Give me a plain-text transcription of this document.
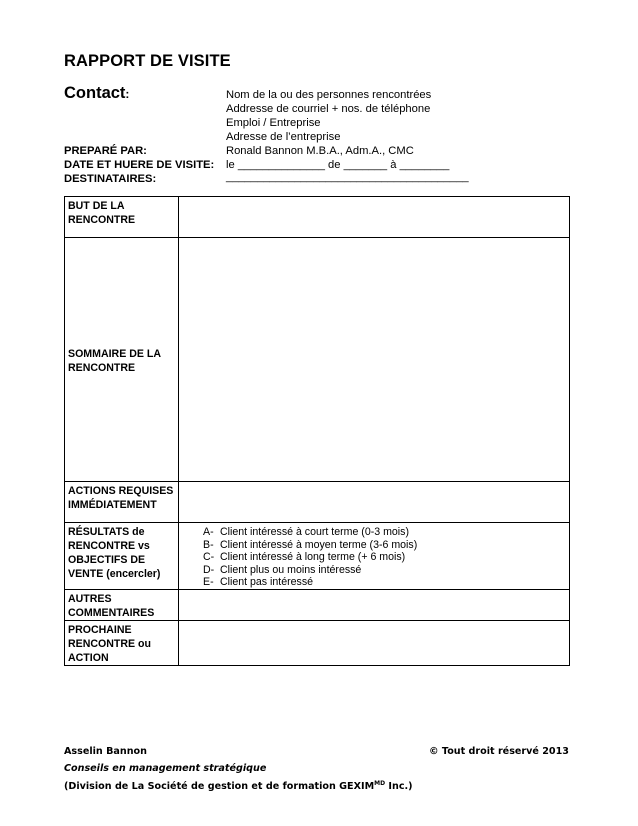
RAPPORT DE VISITE
Contact:	Nom de la ou des personnes rencontrées
Addresse de courriel + nos. de téléphone
Emploi / Entreprise
Adresse de l’entreprise
PREPARÉ PAR:	Ronald Bannon M.B.A., Adm.A., CMC
DATE ET HUERE DE VISITE: le ______________ de _______ à ________
DESTINATAIRES:	_______________________________________
BUT DE LA RENCONTRE	
SOMMAIRE DE LA RENCONTRE	
ACTIONS REQUISES IMMÉDIATEMENT	
RÉSULTATS de RENCONTRE vs OBJECTIFS DE VENTE (encercler)	A- Client intéressé à court terme (0-3 mois)
B- Client intéressé à moyen terme (3-6 mois)
C- Client intéressé à long terme (+ 6 mois)
D- Client plus ou moins intéressé
E- Client pas intéressé

AUTRES COMMENTAIRES	
PROCHAINE RENCONTRE ou ACTION	
Asselin Bannon	© Tout droit réservé 2013
Conseils en management stratégique
(Division de La Société de gestion et de formation $GEXIM^{MD}$ Inc.)
